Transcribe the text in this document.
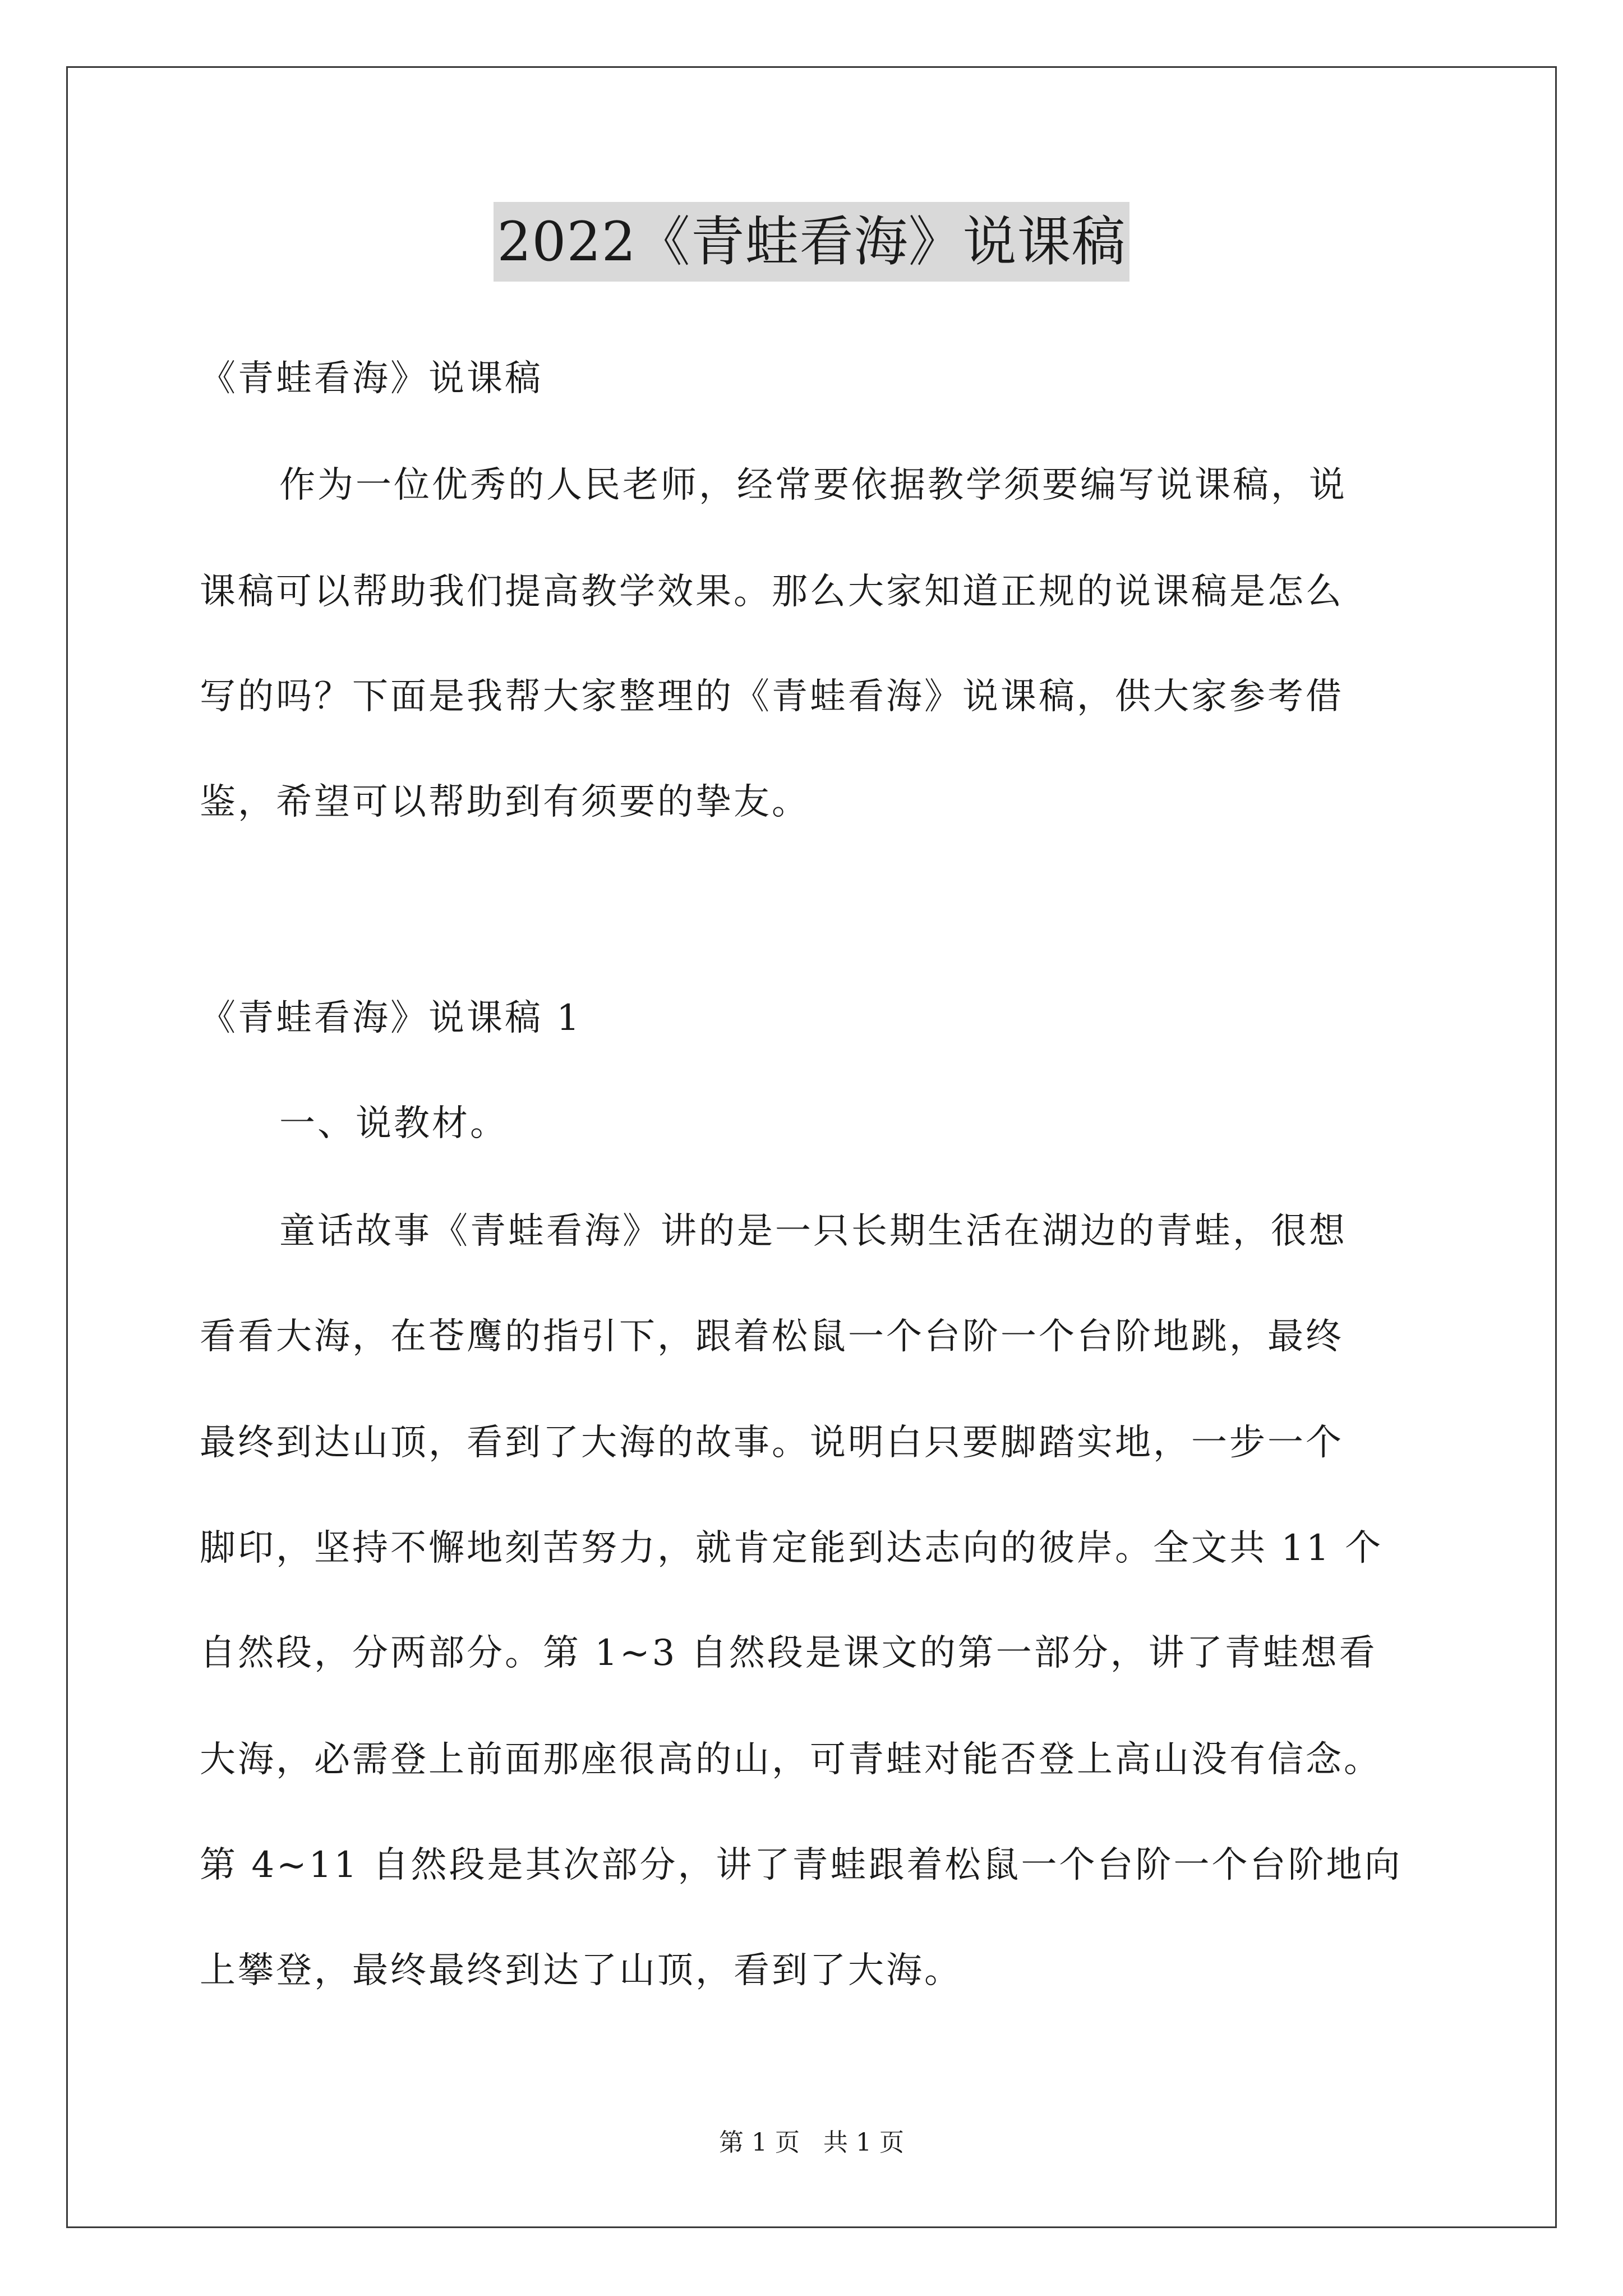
2022《青蛙看海》说课稿
《青蛙看海》说课稿
作为一位优秀的人民老师，经常要依据教学须要编写说课稿，说
课稿可以帮助我们提高教学效果。那么大家知道正规的说课稿是怎么
写的吗？下面是我帮大家整理的《青蛙看海》说课稿，供大家参考借
鉴，希望可以帮助到有须要的挚友。
《青蛙看海》说课稿 1
一、说教材。
童话故事《青蛙看海》讲的是一只长期生活在湖边的青蛙，很想
看看大海，在苍鹰的指引下，跟着松鼠一个台阶一个台阶地跳，最终
最终到达山顶，看到了大海的故事。说明白只要脚踏实地，一步一个
脚印，坚持不懈地刻苦努力，就肯定能到达志向的彼岸。全文共 11 个
自然段，分两部分。第 1~3 自然段是课文的第一部分，讲了青蛙想看
大海，必需登上前面那座很高的山，可青蛙对能否登上高山没有信念。
第 4~11 自然段是其次部分，讲了青蛙跟着松鼠一个台阶一个台阶地向
上攀登，最终最终到达了山顶，看到了大海。
第 1 页   共 1 页
